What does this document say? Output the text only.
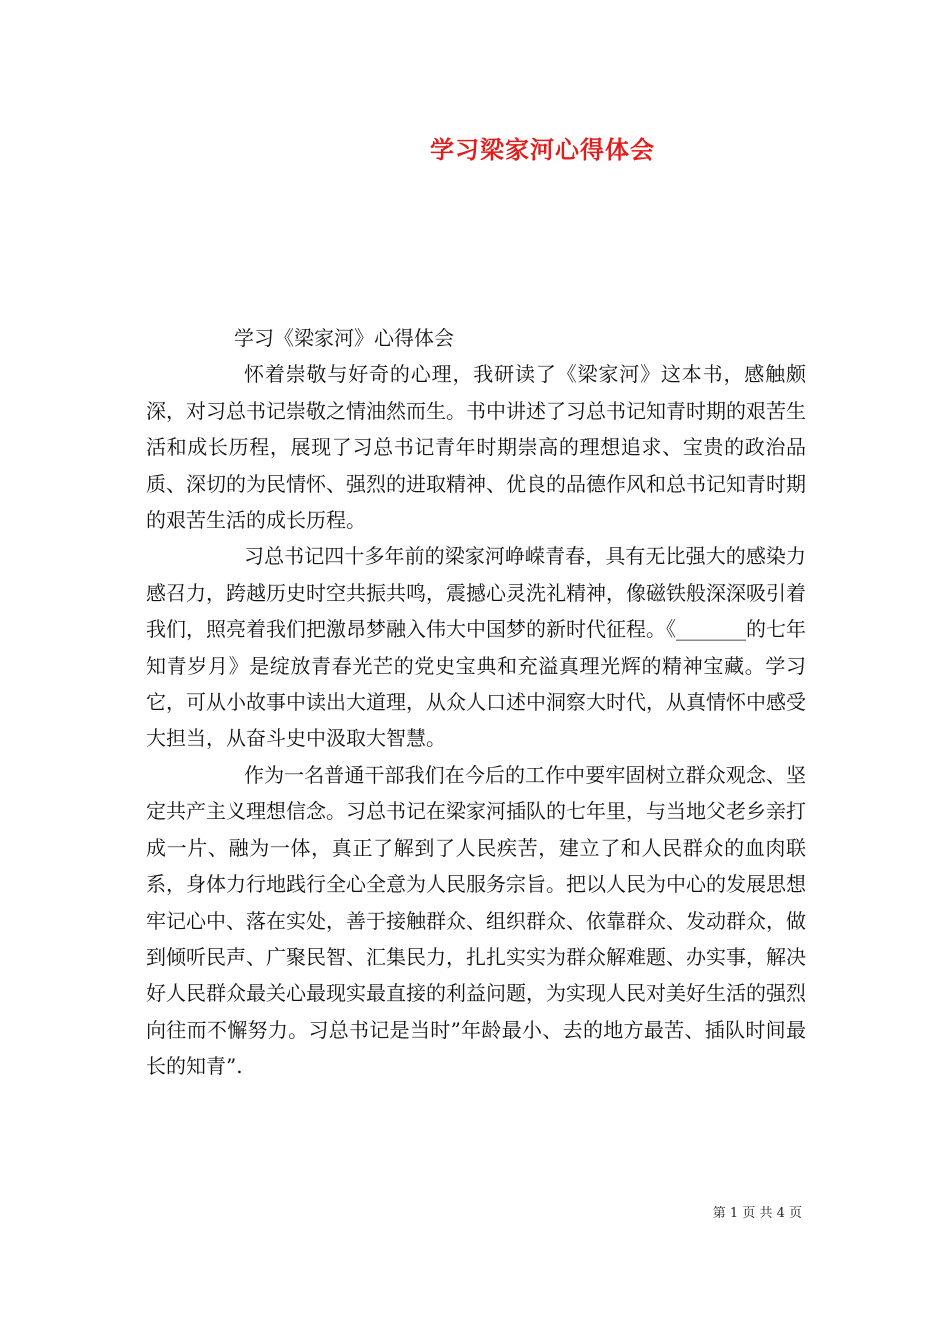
学习梁家河心得体会

学习《梁家河》心得体会

怀着崇敬与好奇的心理，我研读了《梁家河》这本书，感触颇深，对习总书记崇敬之情油然而生。书中讲述了习总书记知青时期的艰苦生活和成长历程，展现了习总书记青年时期崇高的理想追求、宝贵的政治品质、深切的为民情怀、强烈的进取精神、优良的品德作风和总书记知青时期的艰苦生活的成长历程。

习总书记四十多年前的梁家河峥嵘青春，具有无比强大的感染力感召力，跨越历史时空共振共鸣，震撼心灵洗礼精神，像磁铁般深深吸引着我们，照亮着我们把激昂梦融入伟大中国梦的新时代征程。《_______的七年知青岁月》是绽放青春光芒的党史宝典和充溢真理光辉的精神宝藏。学习它，可从小故事中读出大道理，从众人口述中洞察大时代，从真情怀中感受大担当，从奋斗史中汲取大智慧。

作为一名普通干部我们在今后的工作中要牢固树立群众观念、坚定共产主义理想信念。习总书记在梁家河插队的七年里，与当地父老乡亲打成一片、融为一体，真正了解到了人民疾苦，建立了和人民群众的血肉联系，身体力行地践行全心全意为人民服务宗旨。把以人民为中心的发展思想牢记心中、落在实处，善于接触群众、组织群众、依靠群众、发动群众，做到倾听民声、广聚民智、汇集民力，扎扎实实为群众解难题、办实事，解决好人民群众最关心最现实最直接的利益问题，为实现人民对美好生活的强烈向往而不懈努力。习总书记是当时”年龄最小、去的地方最苦、插队时间最长的知青”.

第 1 页 共 4 页
